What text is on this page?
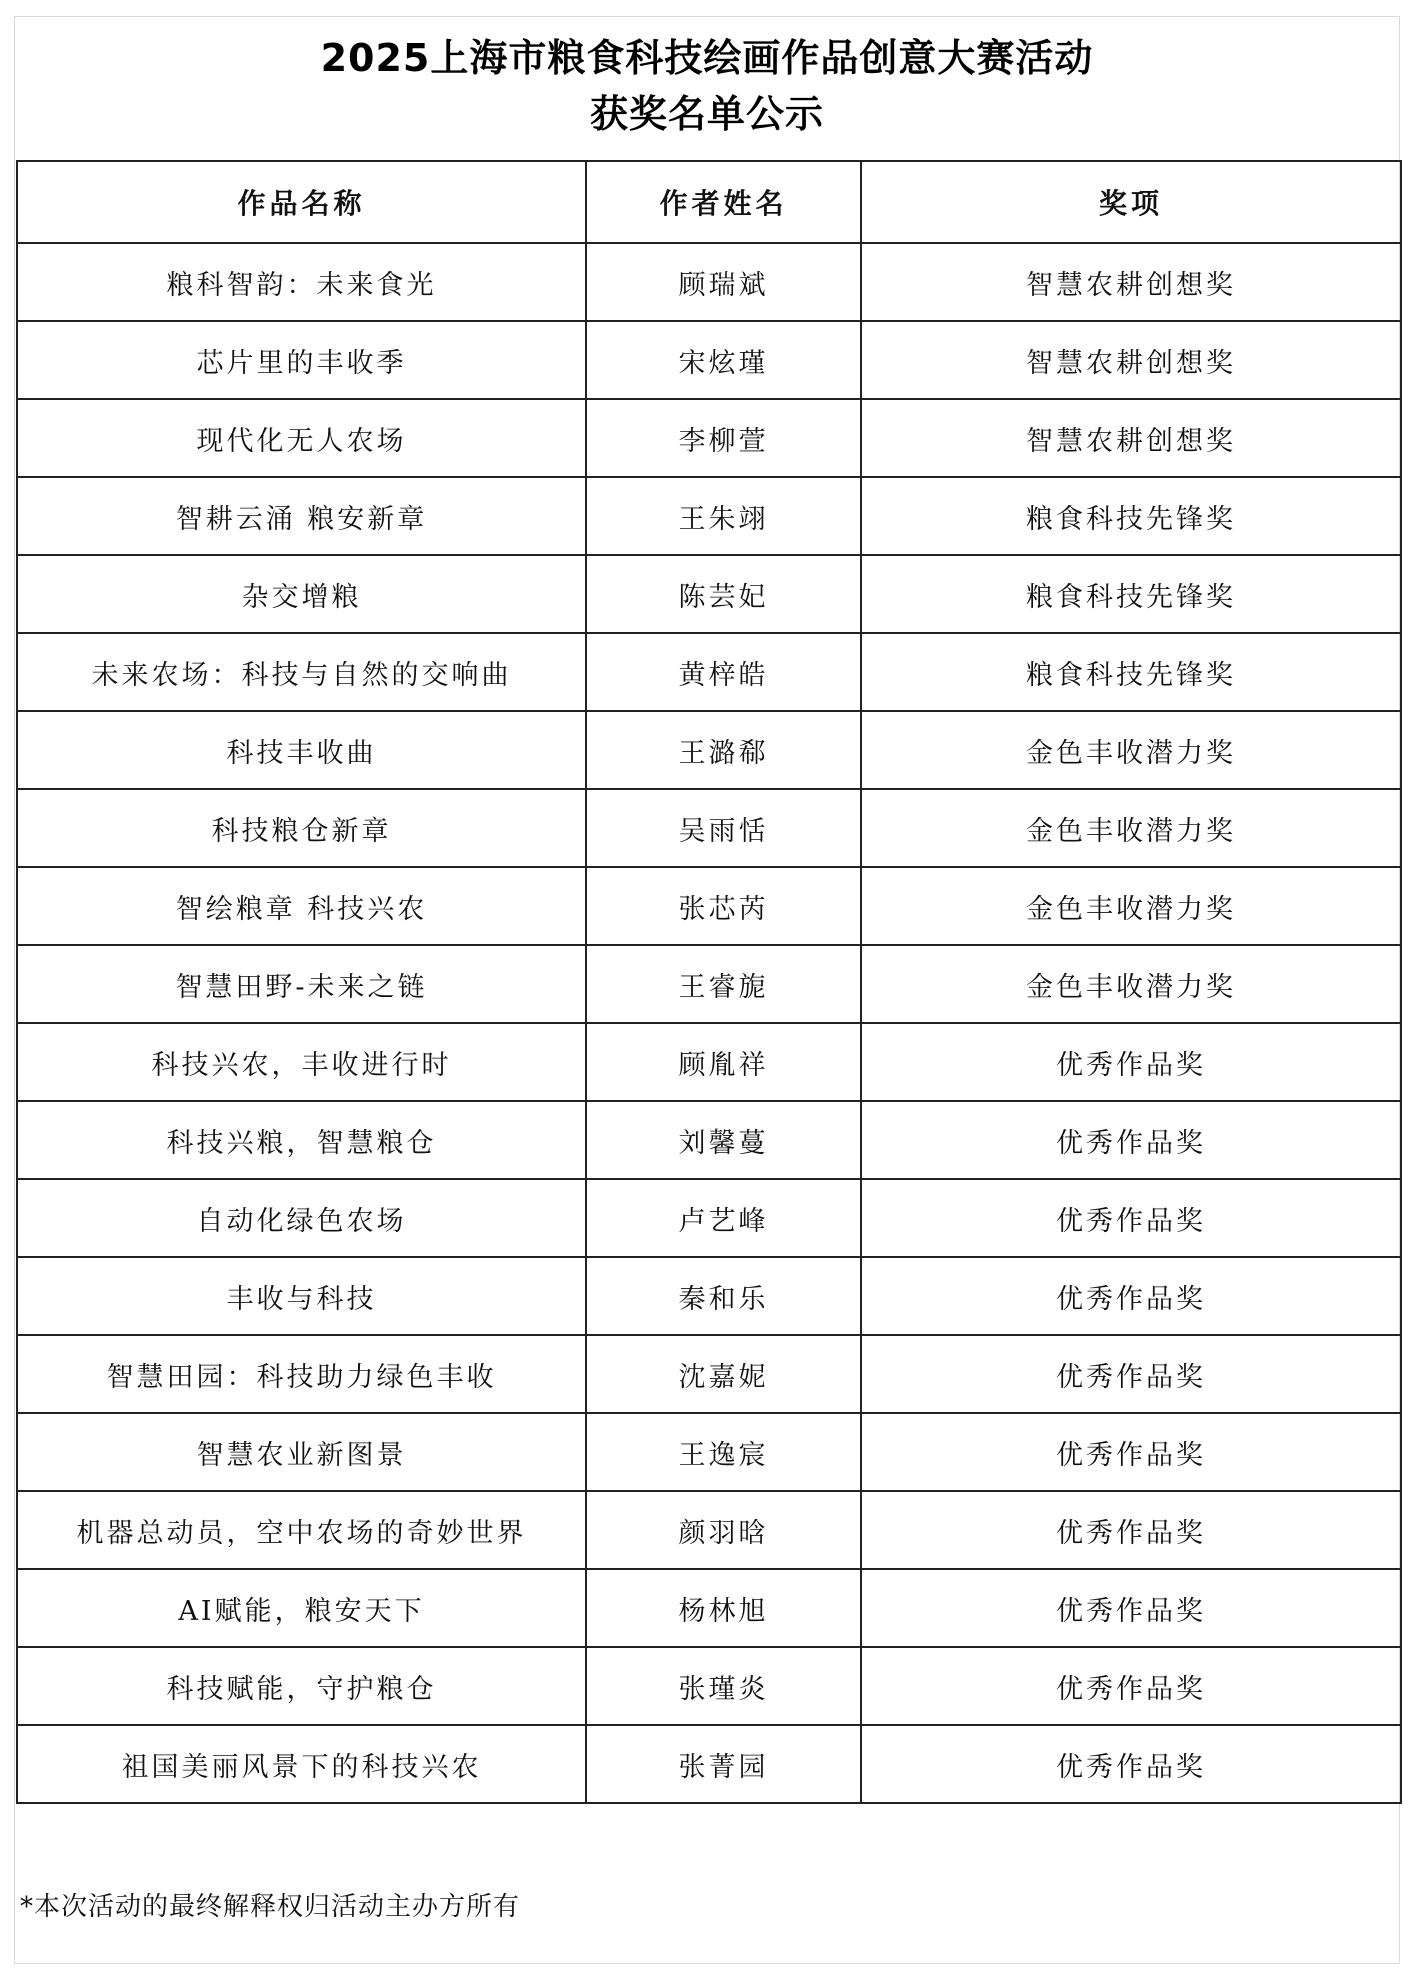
2025上海市粮食科技绘画作品创意大赛活动
获奖名单公示
作品名称	作者姓名	奖项
粮科智韵：未来食光	顾瑞斌	智慧农耕创想奖
芯片里的丰收季	宋炫瑾	智慧农耕创想奖
现代化无人农场	李柳萱	智慧农耕创想奖
智耕云涌 粮安新章	王朱翊	粮食科技先锋奖
杂交增粮	陈芸妃	粮食科技先锋奖
未来农场：科技与自然的交响曲	黄梓皓	粮食科技先锋奖
科技丰收曲	王潞郗	金色丰收潜力奖
科技粮仓新章	吴雨恬	金色丰收潜力奖
智绘粮章 科技兴农	张芯芮	金色丰收潜力奖
智慧田野-未来之链	王睿旎	金色丰收潜力奖
科技兴农，丰收进行时	顾胤祥	优秀作品奖
科技兴粮，智慧粮仓	刘馨蔓	优秀作品奖
自动化绿色农场	卢艺峰	优秀作品奖
丰收与科技	秦和乐	优秀作品奖
智慧田园：科技助力绿色丰收	沈嘉妮	优秀作品奖
智慧农业新图景	王逸宸	优秀作品奖
机器总动员，空中农场的奇妙世界	颜羽晗	优秀作品奖
AI赋能，粮安天下	杨林旭	优秀作品奖
科技赋能，守护粮仓	张瑾炎	优秀作品奖
祖国美丽风景下的科技兴农	张菁园	优秀作品奖
*本次活动的最终解释权归活动主办方所有
